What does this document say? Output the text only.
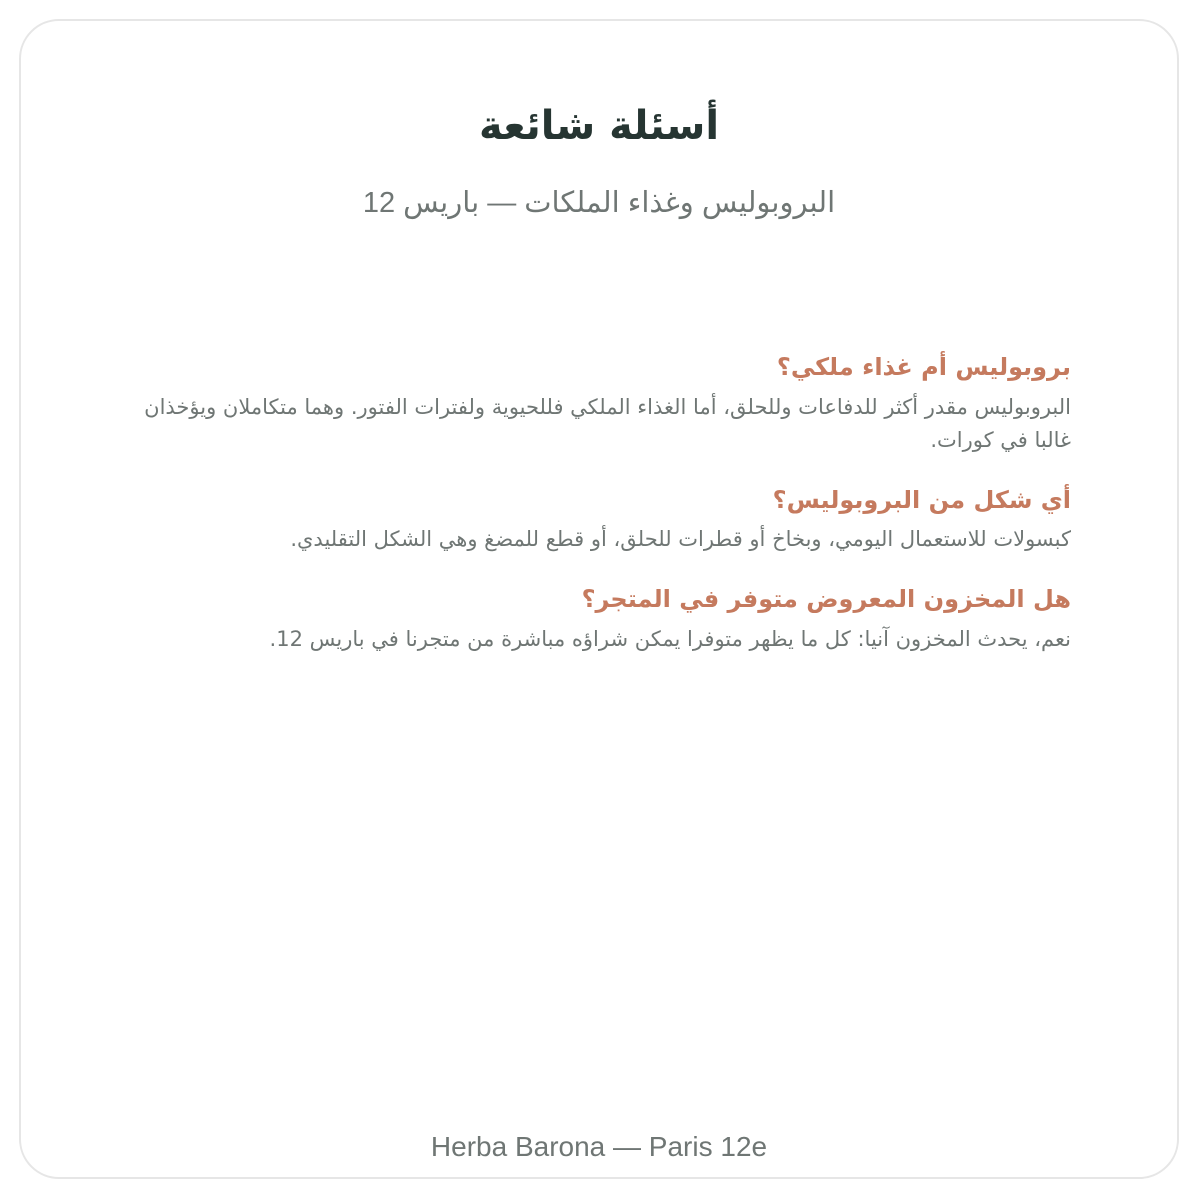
أسئلة شائعة

البروبوليس وغذاء الملكات — باريس 12

بروبوليس أم غذاء ملكي؟

البروبوليس مقدر أكثر للدفاعات وللحلق، أما الغذاء الملكي فللحيوية ولفترات الفتور. وهما متكاملان ويؤخذان غالبا في كورات.

أي شكل من البروبوليس؟

كبسولات للاستعمال اليومي، وبخاخ أو قطرات للحلق، أو قطع للمضغ وهي الشكل التقليدي.

هل المخزون المعروض متوفر في المتجر؟

نعم، يحدث المخزون آنيا: كل ما يظهر متوفرا يمكن شراؤه مباشرة من متجرنا في باريس 12.

Herba Barona — Paris 12e
